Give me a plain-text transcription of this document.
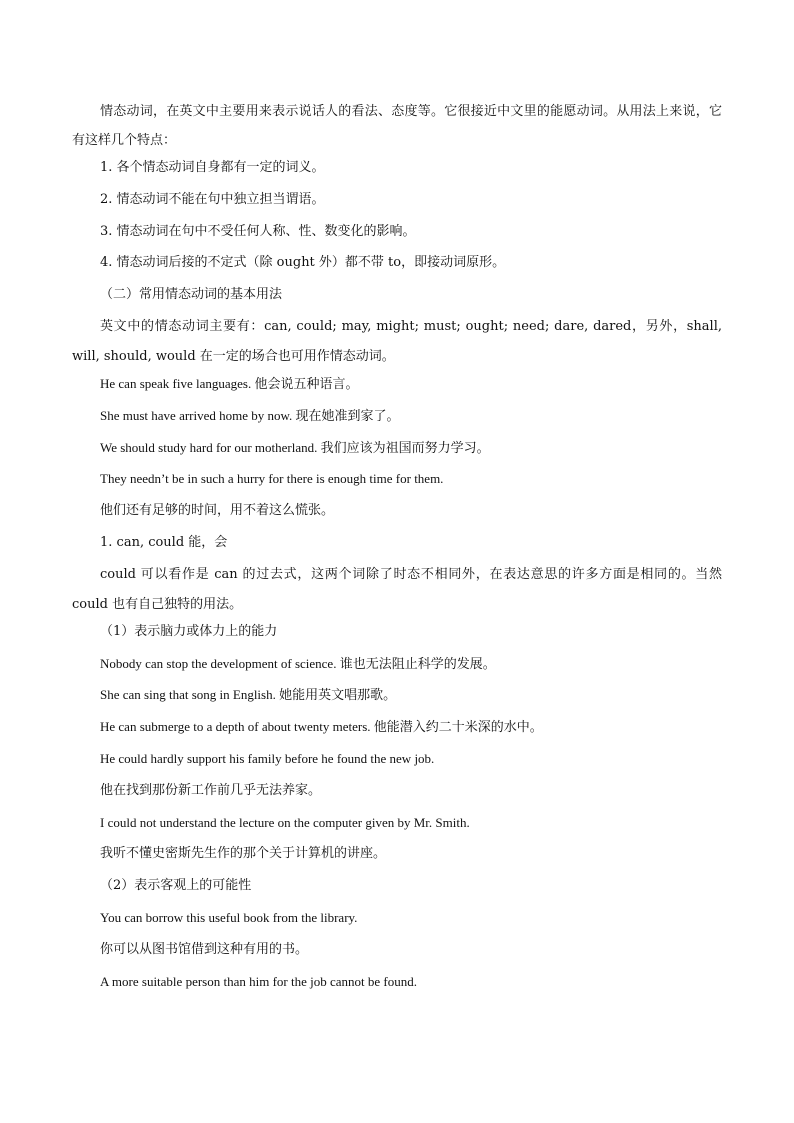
情态动词，在英文中主要用来表示说话人的看法、态度等。它很接近中文里的能愿动词。从用法上来说，它有这样几个特点：

1. 各个情态动词自身都有一定的词义。
2. 情态动词不能在句中独立担当谓语。
3. 情态动词在句中不受任何人称、性、数变化的影响。
4. 情态动词后接的不定式（除 ought 外）都不带 to，即接动词原形。
（二）常用情态动词的基本用法

英文中的情态动词主要有：can, could; may, might; must; ought; need; dare, dared，另外，shall, will, should, would 在一定的场合也可用作情态动词。

He can speak five languages. 他会说五种语言。
She must have arrived home by now. 现在她准到家了。
We should study hard for our motherland. 我们应该为祖国而努力学习。
They needn’t be in such a hurry for there is enough time for them.
他们还有足够的时间，用不着这么慌张。
1. can, could 能，会

could 可以看作是 can 的过去式，这两个词除了时态不相同外，在表达意思的许多方面是相同的。当然 could 也有自己独特的用法。

（1）表示脑力或体力上的能力
Nobody can stop the development of science. 谁也无法阻止科学的发展。
She can sing that song in English. 她能用英文唱那歌。
He can submerge to a depth of about twenty meters. 他能潜入约二十米深的水中。
He could hardly support his family before he found the new job.
他在找到那份新工作前几乎无法养家。
I could not understand the lecture on the computer given by Mr. Smith.
我听不懂史密斯先生作的那个关于计算机的讲座。
（2）表示客观上的可能性
You can borrow this useful book from the library.
你可以从图书馆借到这种有用的书。
A more suitable person than him for the job cannot be found.
